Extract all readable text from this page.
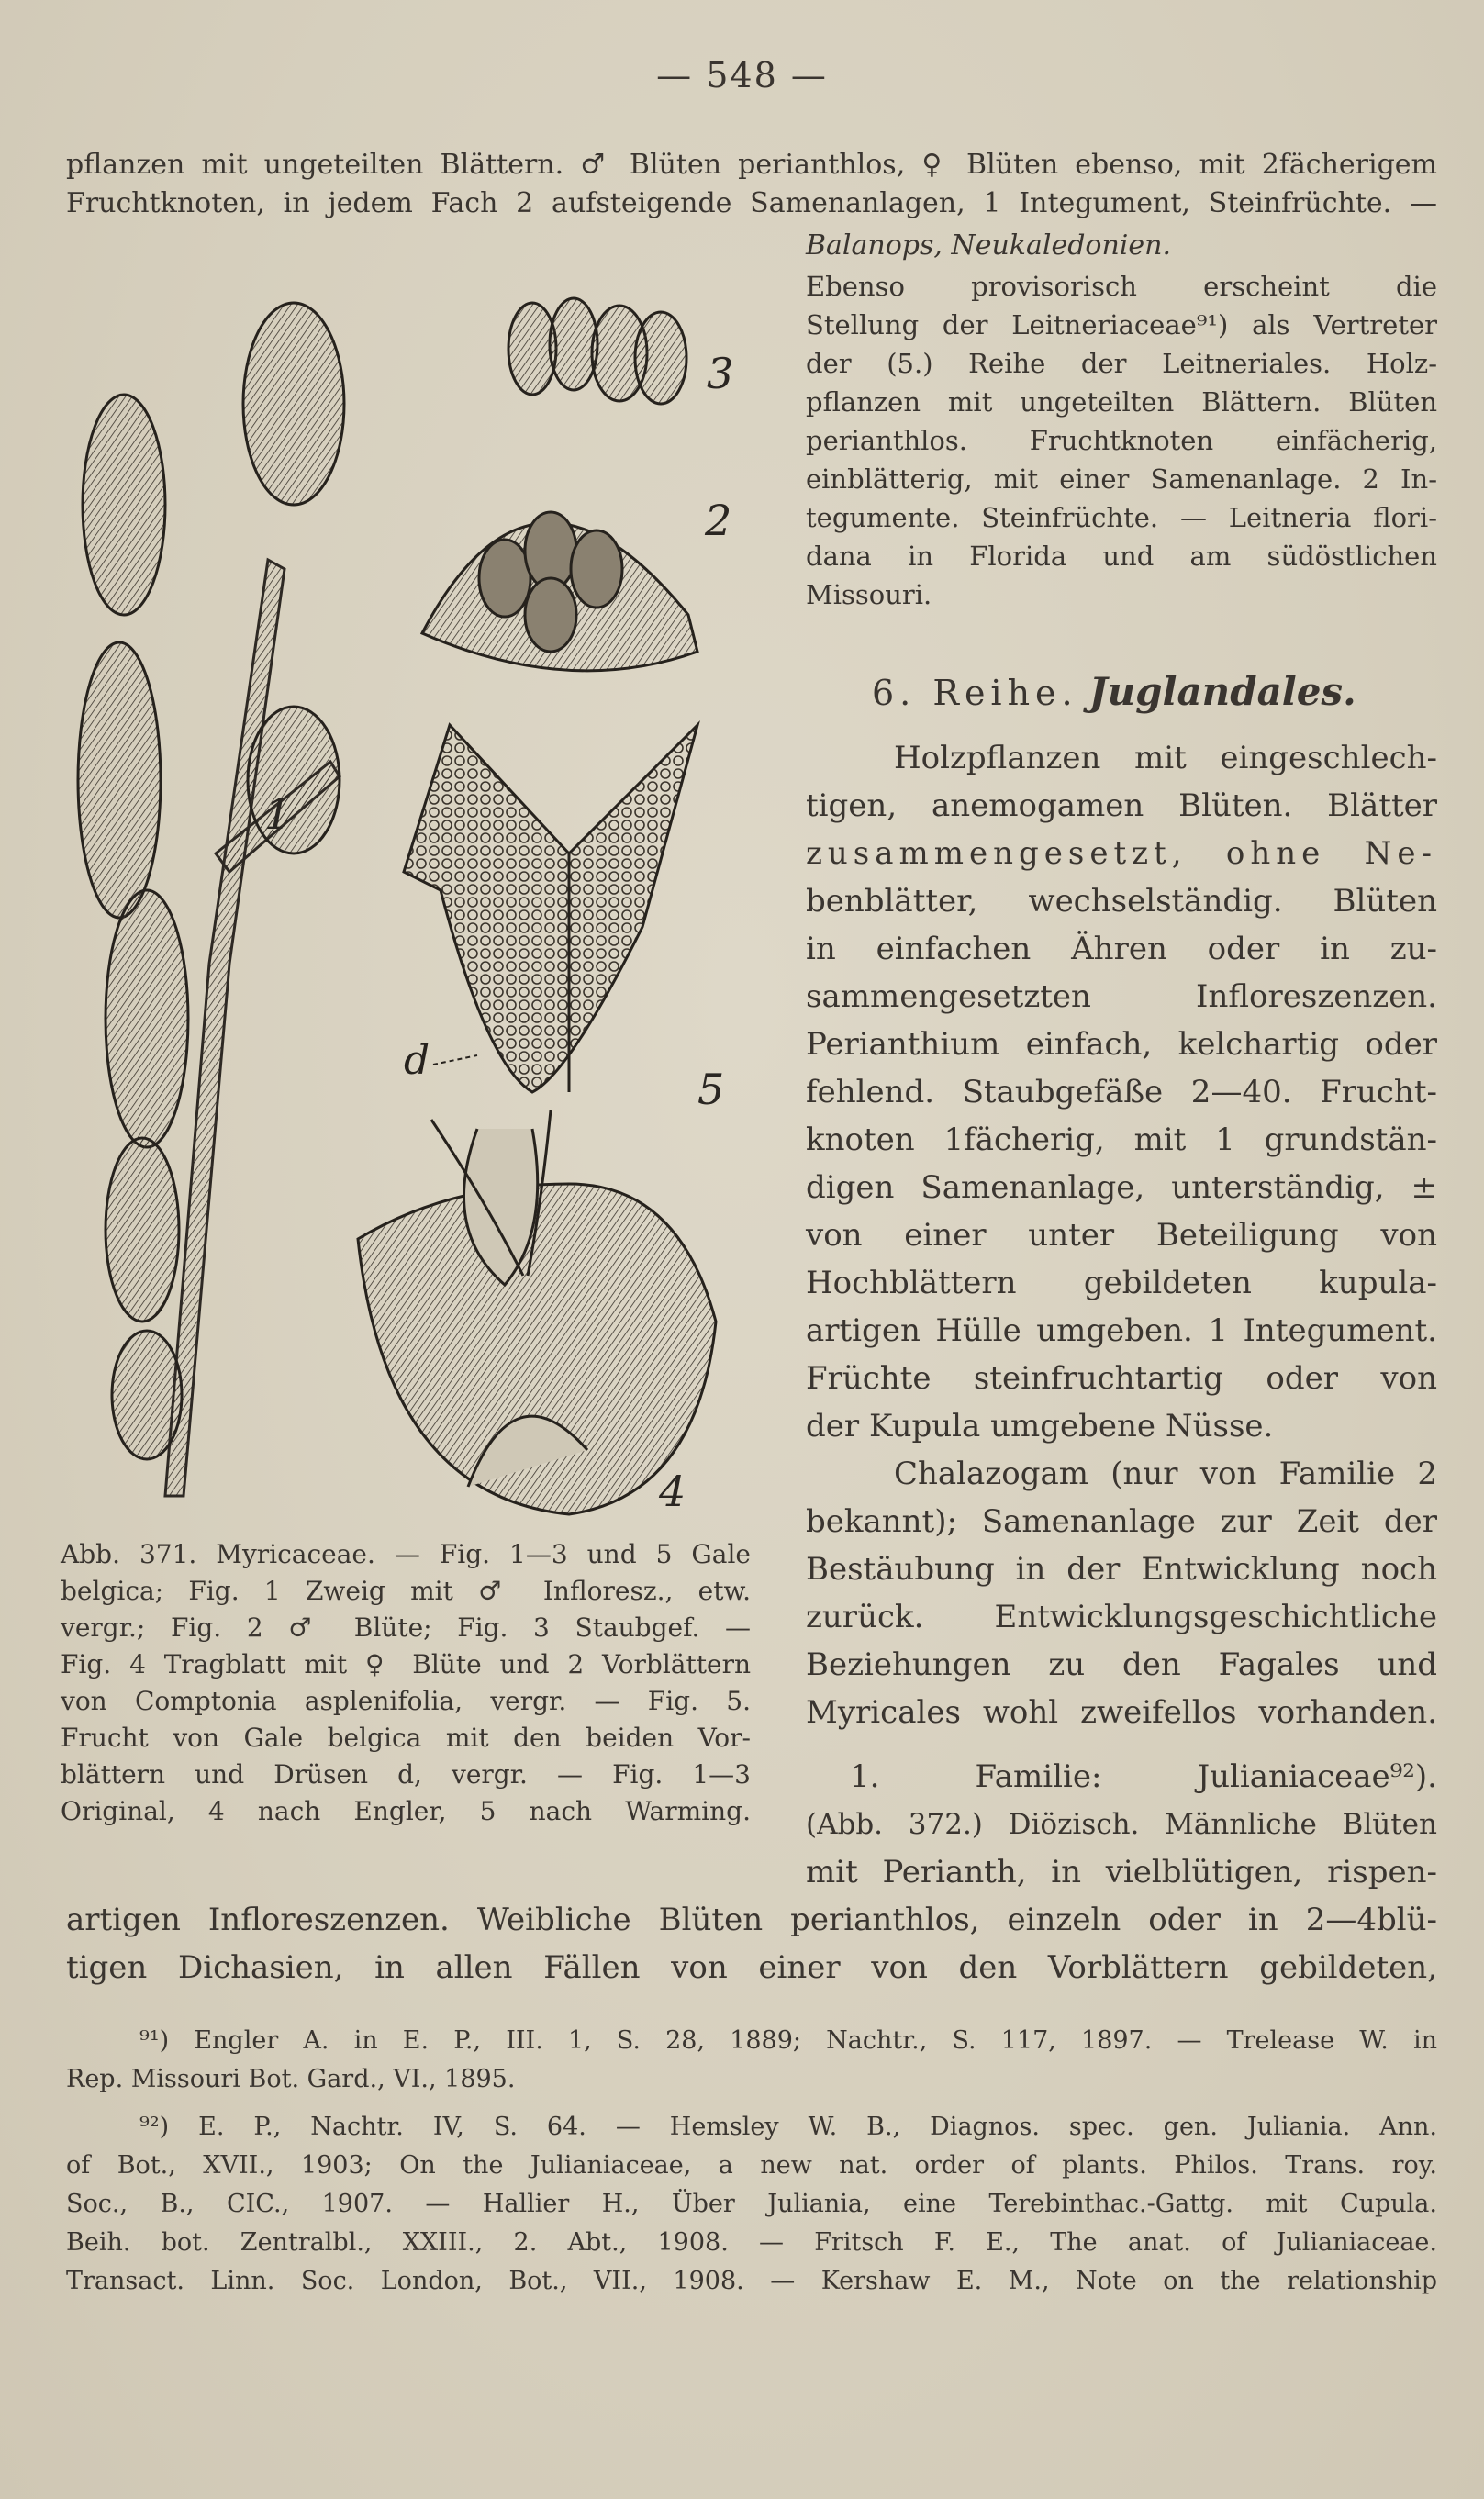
— 548 —
pflanzen mit ungeteilten Blättern. ♂ Blüten perianthlos, ♀ Blüten ebenso, mit 2fächerigem
Fruchtknoten, in jedem Fach 2 aufsteigende Samenanlagen, 1 Integument, Steinfrüchte. —
Balanops, Neukaledonien.
Ebenso provisorisch erscheint die
Stellung der Leitneriaceae⁹¹) als Vertreter
der (5.) Reihe der Leitneriales. Holz-
pflanzen mit ungeteilten Blättern. Blüten
perianthlos. Fruchtknoten einfächerig,
einblätterig, mit einer Samenanlage. 2 In-
tegumente. Steinfrüchte. — Leitneria flori-
dana in Florida und am südöstlichen
Missouri.
6. Reihe. Juglandales.
Holzpflanzen mit eingeschlech-
tigen, anemogamen Blüten. Blätter
zusammengesetzt, ohne Ne-
benblätter, wechselständig. Blüten
in einfachen Ähren oder in zu-
sammengesetzten Infloreszenzen.
Perianthium einfach, kelchartig oder
fehlend. Staubgefäße 2—40. Frucht-
knoten 1fächerig, mit 1 grundstän-
digen Samenanlage, unterständig, ±
von einer unter Beteiligung von
Hochblättern gebildeten kupula-
artigen Hülle umgeben. 1 Integument.
Früchte steinfruchtartig oder von
der Kupula umgebene Nüsse.
Chalazogam (nur von Familie 2
bekannt); Samenanlage zur Zeit der
Bestäubung in der Entwicklung noch
zurück. Entwicklungsgeschichtliche
Beziehungen zu den Fagales und
Myricales wohl zweifellos vorhanden.
1. Familie: Julianiaceae⁹²).
(Abb. 372.) Diözisch. Männliche Blüten
mit Perianth, in vielblütigen, rispen-
artigen Infloreszenzen. Weibliche Blüten perianthlos, einzeln oder in 2—4blü-
tigen Dichasien, in allen Fällen von einer von den Vorblättern gebildeten,
d
3
2
1
5
4
Abb. 371. Myricaceae. — Fig. 1—3 und 5 Gale
belgica; Fig. 1 Zweig mit ♂ Infloresz., etw.
vergr.; Fig. 2 ♂ Blüte; Fig. 3 Staubgef. —
Fig. 4 Tragblatt mit ♀ Blüte und 2 Vorblättern
von Comptonia asplenifolia, vergr. — Fig. 5.
Frucht von Gale belgica mit den beiden Vor-
blättern und Drüsen d, vergr. — Fig. 1—3
Original, 4 nach Engler, 5 nach Warming.
⁹¹) Engler A. in E. P., III. 1, S. 28, 1889; Nachtr., S. 117, 1897. — Trelease W. in
Rep. Missouri Bot. Gard., VI., 1895.
⁹²) E. P., Nachtr. IV, S. 64. — Hemsley W. B., Diagnos. spec. gen. Juliania. Ann.
of Bot., XVII., 1903; On the Julianiaceae, a new nat. order of plants. Philos. Trans. roy.
Soc., B., CIC., 1907. — Hallier H., Über Juliania, eine Terebinthac.-Gattg. mit Cupula.
Beih. bot. Zentralbl., XXIII., 2. Abt., 1908. — Fritsch F. E., The anat. of Julianiaceae.
Transact. Linn. Soc. London, Bot., VII., 1908. — Kershaw E. M., Note on the relationship
